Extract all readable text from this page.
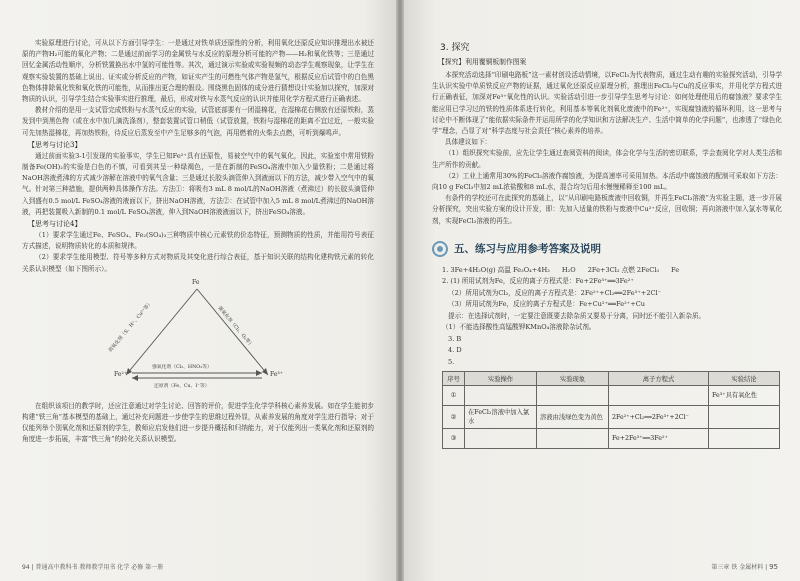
实验原理进行讨论，可从以下方面引导学生：一是通过对铁单质还原性的分析，利用氧化还原反应知识推理出水被还原的产物H₂可能的氧化产物；二是通过前面学习的金属铁与水反应的原理分析可能的产物——H₂和氧化铁等；三是通过回忆金属活动性顺序，分析铁置换出水中氢的可能性等。其次，通过演示实验或实验视频的动态学生观察现象，让学生在观察实验装置的基础上说出、证实或分析反应的产物，如证实产生的可燃性气体产物是氢气，根据反应后试管中的白色黑色物体排除氧化铁和氧化铁的可能性，从而推出更合理的假设。围绕黑色固体的成分进行猜想设计实验加以探究，加深对物质的认识，引导学生结合实验事实进行推理，最后，形成对铁与水蒸气反应的认识并能用化学方程式进行正确表述。

教材介绍的是用一支试管完成铁粉与水蒸气反应的实验，试管底部要有一团湿棉花，在湿棉花右侧放有还原铁粉，蒸发到中到黑色物（或在水中加几滴洗涤剂），整套装置试管口稍低（试管放置，铁粉与湿棉花的距离不宜过近，一般实验可先加热湿棉花，再加热铁粉，待反应后蒸发至中产生足够多的气泡，再用燃着的火柴去点燃，可听到爆鸣声。

【思考与讨论3】

通过前面实验3-1引发现的实验事实，学生已知Fe²⁺具有还原性，易被空气中的氧气氧化，因此，实验室中常用铁粉制备Fe(OH)₂的实验是白色的不慎，可看到其呈一种绿褐色，一是在新制的FeSO₄溶液中加入少量铁粉；二是通过将NaOH溶液煮沸的方式减少溶解在溶液中的氧气含量；三是通过长胶头滴管伸入到液面以下的方法，减少带入空气中的氧气。针对第三种措施，提供两种具体操作方法。方法①：将吸有3 mL 8 mol/L的NaOH溶液（煮沸过）的长胶头滴管伸入到盛有0.5 mol/L FeSO₄溶液的液面以下，挤出NaOH溶液，方法②：在试管中加入5 mL 8 mol/L煮沸过的NaOH溶液，再把装置吸入新制的0.1 mol/L FeSO₄溶液，伸入到NaOH溶液液面以下，挤出FeSO₄溶液。

【思考与讨论4】

（1）要求学生通过Fe、FeSO₄、Fe₂(SO₄)₃三种物质中核心元素铁的价态特征，预测物质的性质，并能用符号表征方式描述，说明物质转化的本质和规律。

（2）要求学生能用模型、符号等多种方式对物质及其变化进行综合表征，基于知识关联的结构化建构铁元素的转化关系认识模型（如下图所示）。

Fe
Fe²⁺	Fe³⁺
弱氧化剂（S、H⁺、Cu²⁺等）	强氧化剂（Cl₂、O₂等）
强氧化剂（Cl₂、HNO₃等）
还原剂（Fe、Cu、I⁻等）

在组织该项目的教学时，还应注意通过对学生讨论、回答的评价，促进学生化学学科核心素养发展。如在学生能初步构建“铁三角”基本模型的基础上，通过补充问题进一步使学生的思维过程外显，从素养发展的角度对学生进行指导；对于仅能列举个别氧化剂和还原剂的学生，教师应启发他们进一步提升概括和归纳能力，对于仅能列出一类氧化剂和还原剂的角度进一步拓展，丰富“铁三角”的转化关系认识模型。

94 | 普通高中教科书 教师教学用书 化学 必修 第一册
3. 探究
【探究】利用覆铜板制作图案

本探究活动选择“印刷电路板”这一素材创设活动情境，以FeCl₃为代表物质，通过生动有趣的实验探究活动，引导学生认识实验中单质铁反应产物的证据，通过氧化还原反应原理分析，推理出FeCl₃与Cu的反应事实，并用化学方程式进行正确表征，加深对Fe³⁺氧化性的认识。实验活动引进一步引导学生思考与讨论：如何处理使用后的腐蚀液？要求学生能应用已学习过的铁的性质体系进行转化，利用基本等氧化剂氧化废液中的Fe²⁺，实现腐蚀液的循环利用，这一思考与讨论中不断体现了“能依据实际条件并运用所学的化学知识和方法解决生产、生活中简单的化学问题”，也渗透了“绿色化学”理念，凸显了对“科学态度与社会责任”核心素养的培养。

具体建议如下：

（1）组织探究实验前，应先让学生通过查阅资料的阅读，体会化学与生活的密切联系，学会查阅化学对人类生活和生产所作的贡献。

（2）工业上通常用30%的FeCl₃溶液作腐蚀液，为提高速率可采用加热。本活动中腐蚀液的配制可采取如下方法：向10 g FeCl₃中加2 mL浓盐酸和8 mL水，混合均匀后用水慢慢稀释至100 mL。

有条件的学校还可在此探究的基础上，以“从印刷电路板废液中回收铜，并再生FeCl₃溶液”为实验主题，进一步开展分析探究，突出实验方案的设计开发，即：先加入适量的铁粉与废液中Cu²⁺反应，回收铜；再向溶液中加入氯水等氧化剂，实现FeCl₃溶液的再生。

五、练习与应用参考答案及说明
1. 3Fe+4H₂O(g) 高温 Fe₃O₄+4H₂ H₂O 2Fe+3Cl₂ 点燃 2FeCl₃ Fe
2. (1) 所用试剂为Fe，反应的离子方程式是：Fe+2Fe³⁺══3Fe²⁺
（2）所用试剂为Cl₂，反应的离子方程式是：2Fe²⁺+Cl₂══2Fe³⁺+2Cl⁻
（3）所用试剂为Fe，反应的离子方程式是：Fe+Cu²⁺══Fe²⁺+Cu
提示：在选择试剂时，一定要注意既要去除杂质又要易于分离，同时还不能引入新杂质。
（1）不能选择酸性高锰酸钾KMnO₄溶液除杂试剂。
3. B
4. D
5.
序号	实验操作	实验现象	离子方程式	实验结论
①				Fe³⁺具有氧化性
②	在FeCl₂溶液中加入氯水	溶液由浅绿色变为黄色	2Fe²⁺+Cl₂══2Fe³⁺+2Cl⁻	
③			Fe+2Fe³⁺══3Fe²⁺	
第三章 铁 金属材料 | 95
